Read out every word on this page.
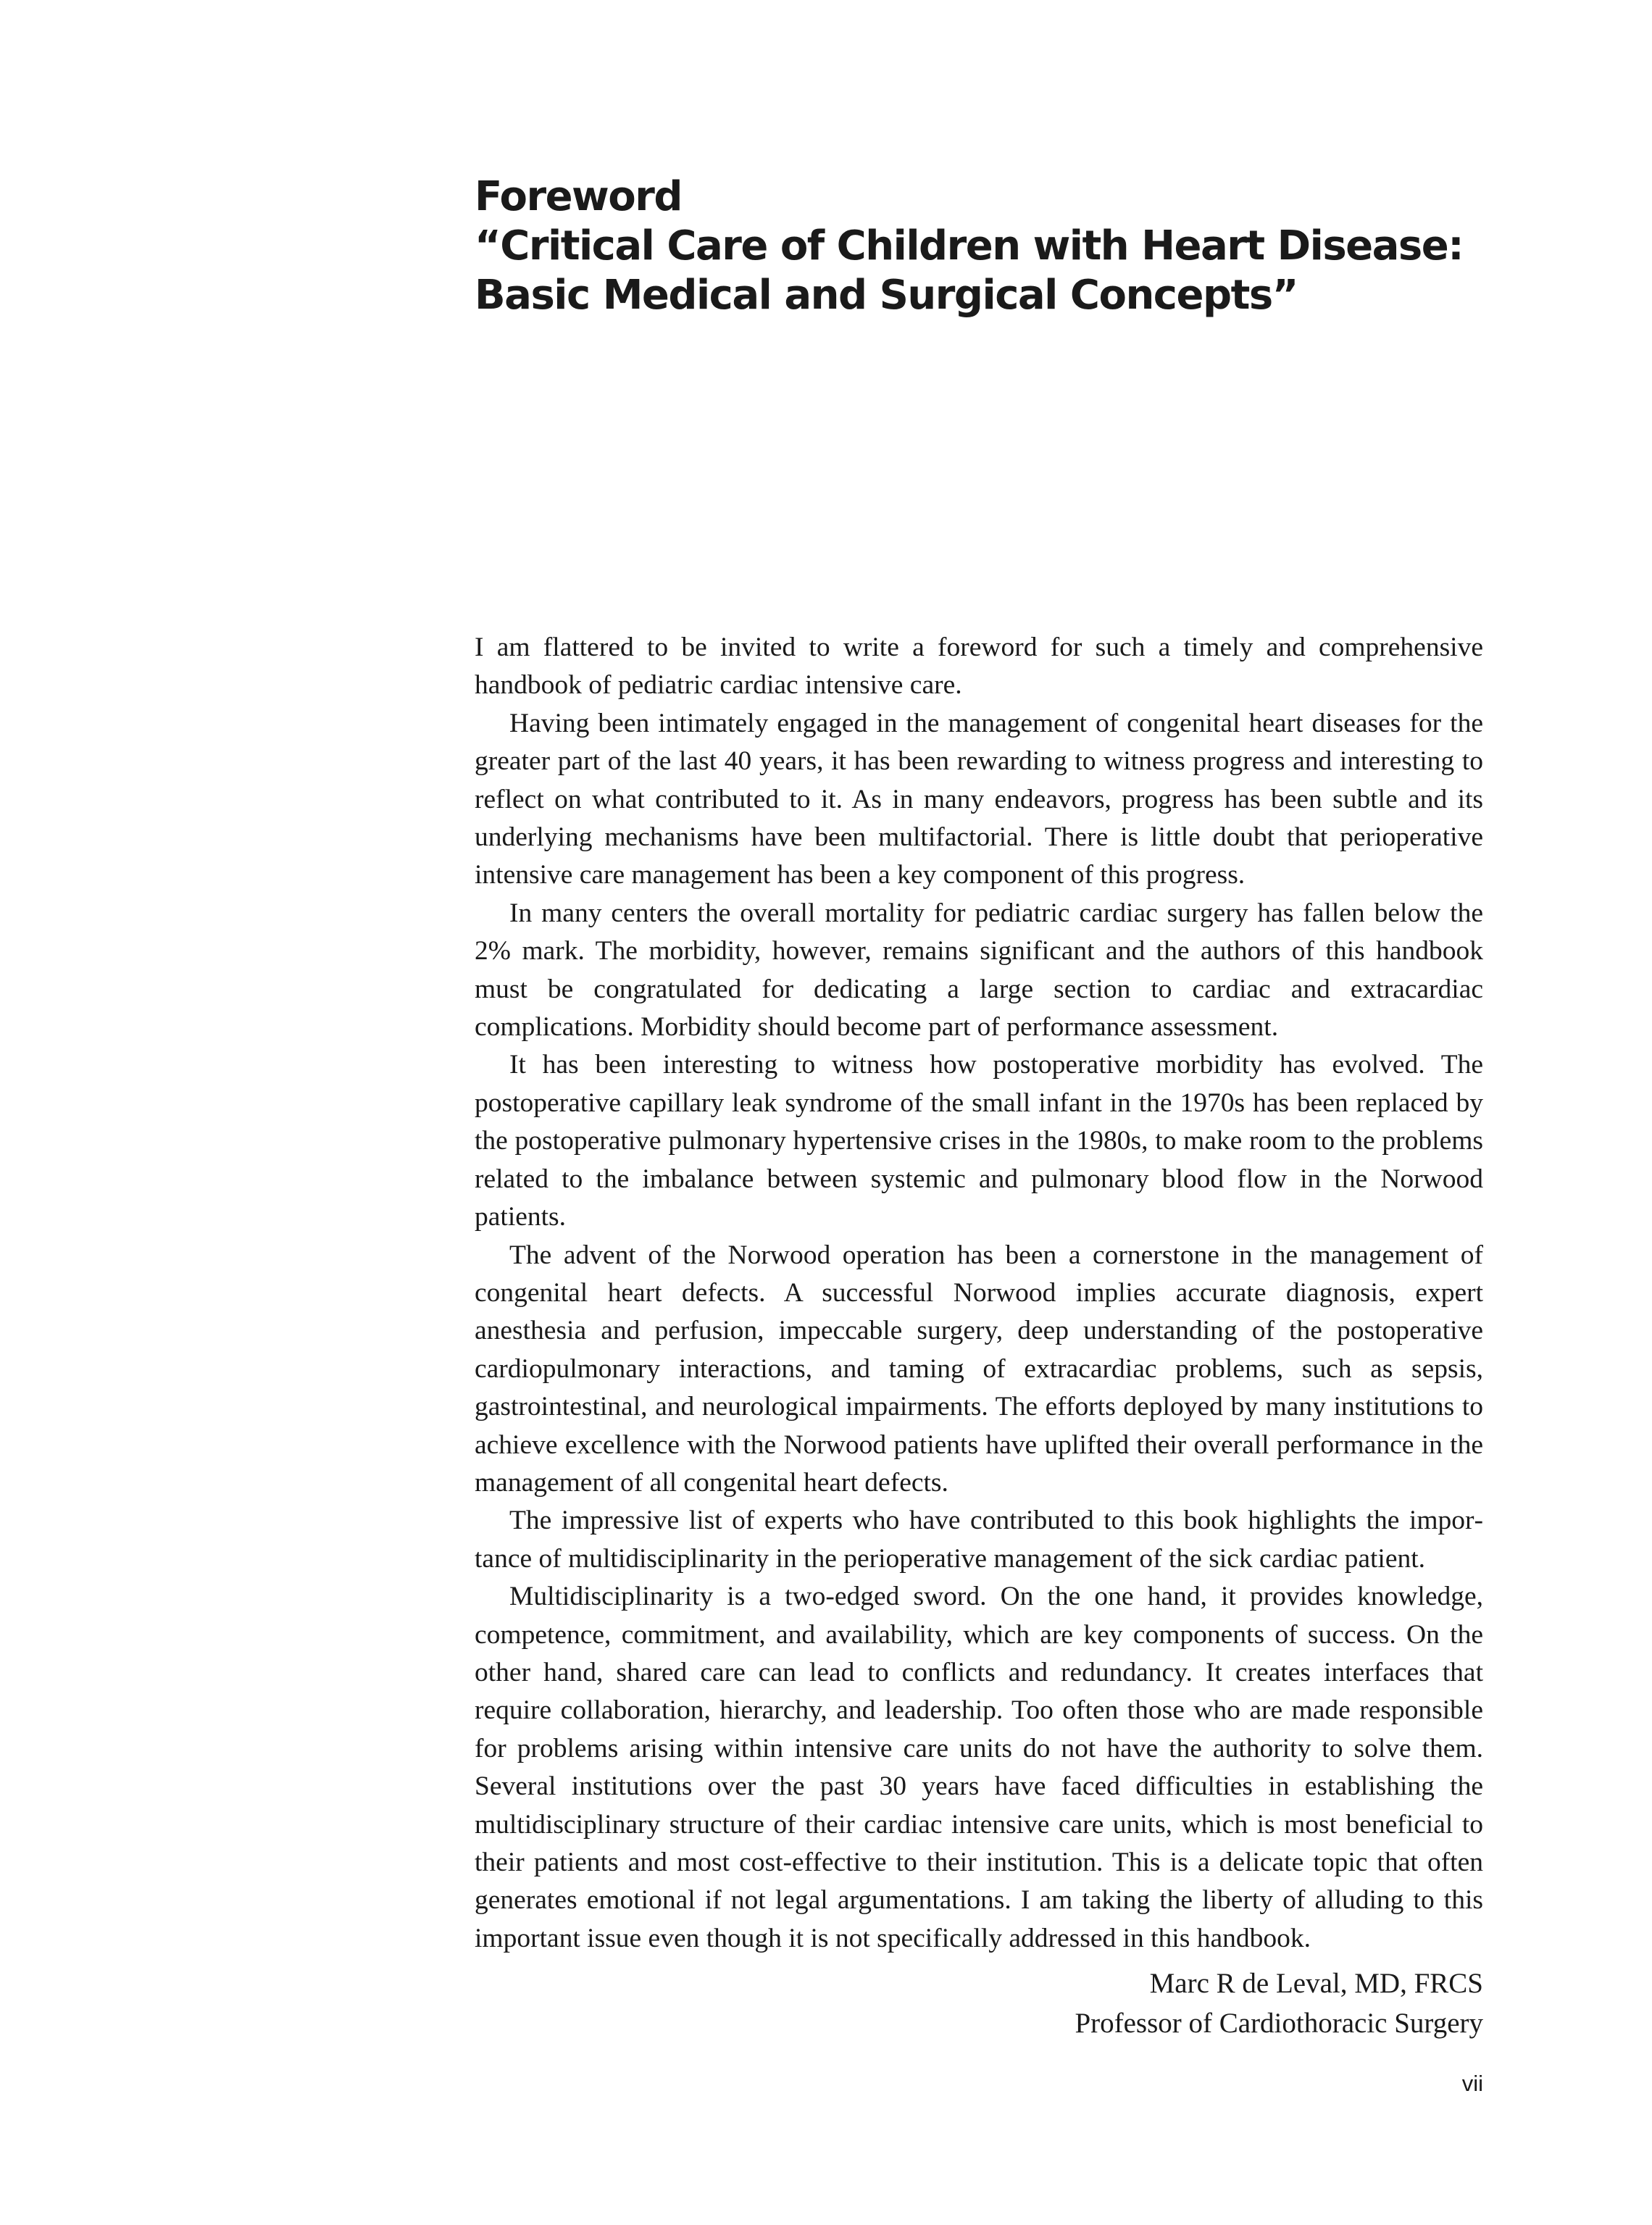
Foreword
“Critical Care of Children with Heart Disease:
Basic Medical and Surgical Concepts”

I am flattered to be invited to write a foreword for such a timely and comprehensive handbook of pediatric cardiac intensive care.

Having been intimately engaged in the management of congenital heart diseases for the greater part of the last 40 years, it has been rewarding to witness progress and interesting to reflect on what contributed to it. As in many endeavors, progress has been subtle and its underlying mechanisms have been multifactorial. There is little doubt that perioperative intensive care management has been a key component of this progress.

In many centers the overall mortality for pediatric cardiac surgery has fallen below the 2% mark. The morbidity, however, remains significant and the authors of this handbook must be congratulated for dedicating a large section to cardiac and extracardiac complications. Morbidity should become part of performance assessment.

It has been interesting to witness how postoperative morbidity has evolved. The postoperative capillary leak syndrome of the small infant in the 1970s has been replaced by the postoperative pulmonary hypertensive crises in the 1980s, to make room to the problems related to the imbalance between systemic and pulmonary blood flow in the Norwood patients.

The advent of the Norwood operation has been a cornerstone in the management of congenital heart defects. A successful Norwood implies accurate diagnosis, expert anesthesia and perfusion, impeccable surgery, deep understanding of the postoperative cardiopulmonary interactions, and taming of extracardiac problems, such as sepsis, gastrointestinal, and neurological impairments. The efforts deployed by many institutions to achieve excellence with the Norwood patients have uplifted their overall performance in the management of all congenital heart defects.

The impressive list of experts who have contributed to this book highlights the importance of multidisciplinarity in the perioperative management of the sick cardiac patient.

Multidisciplinarity is a two-edged sword. On the one hand, it provides knowledge, competence, commitment, and availability, which are key components of success. On the other hand, shared care can lead to conflicts and redundancy. It creates interfaces that require collaboration, hierarchy, and leadership. Too often those who are made responsible for problems arising within intensive care units do not have the authority to solve them. Several institutions over the past 30 years have faced difficulties in establishing the multidisciplinary structure of their cardiac intensive care units, which is most beneficial to their patients and most cost-effective to their institution. This is a delicate topic that often generates emotional if not legal argumentations. I am taking the liberty of alluding to this important issue even though it is not specifically addressed in this handbook.

Marc R de Leval, MD, FRCS
Professor of Cardiothoracic Surgery
vii
